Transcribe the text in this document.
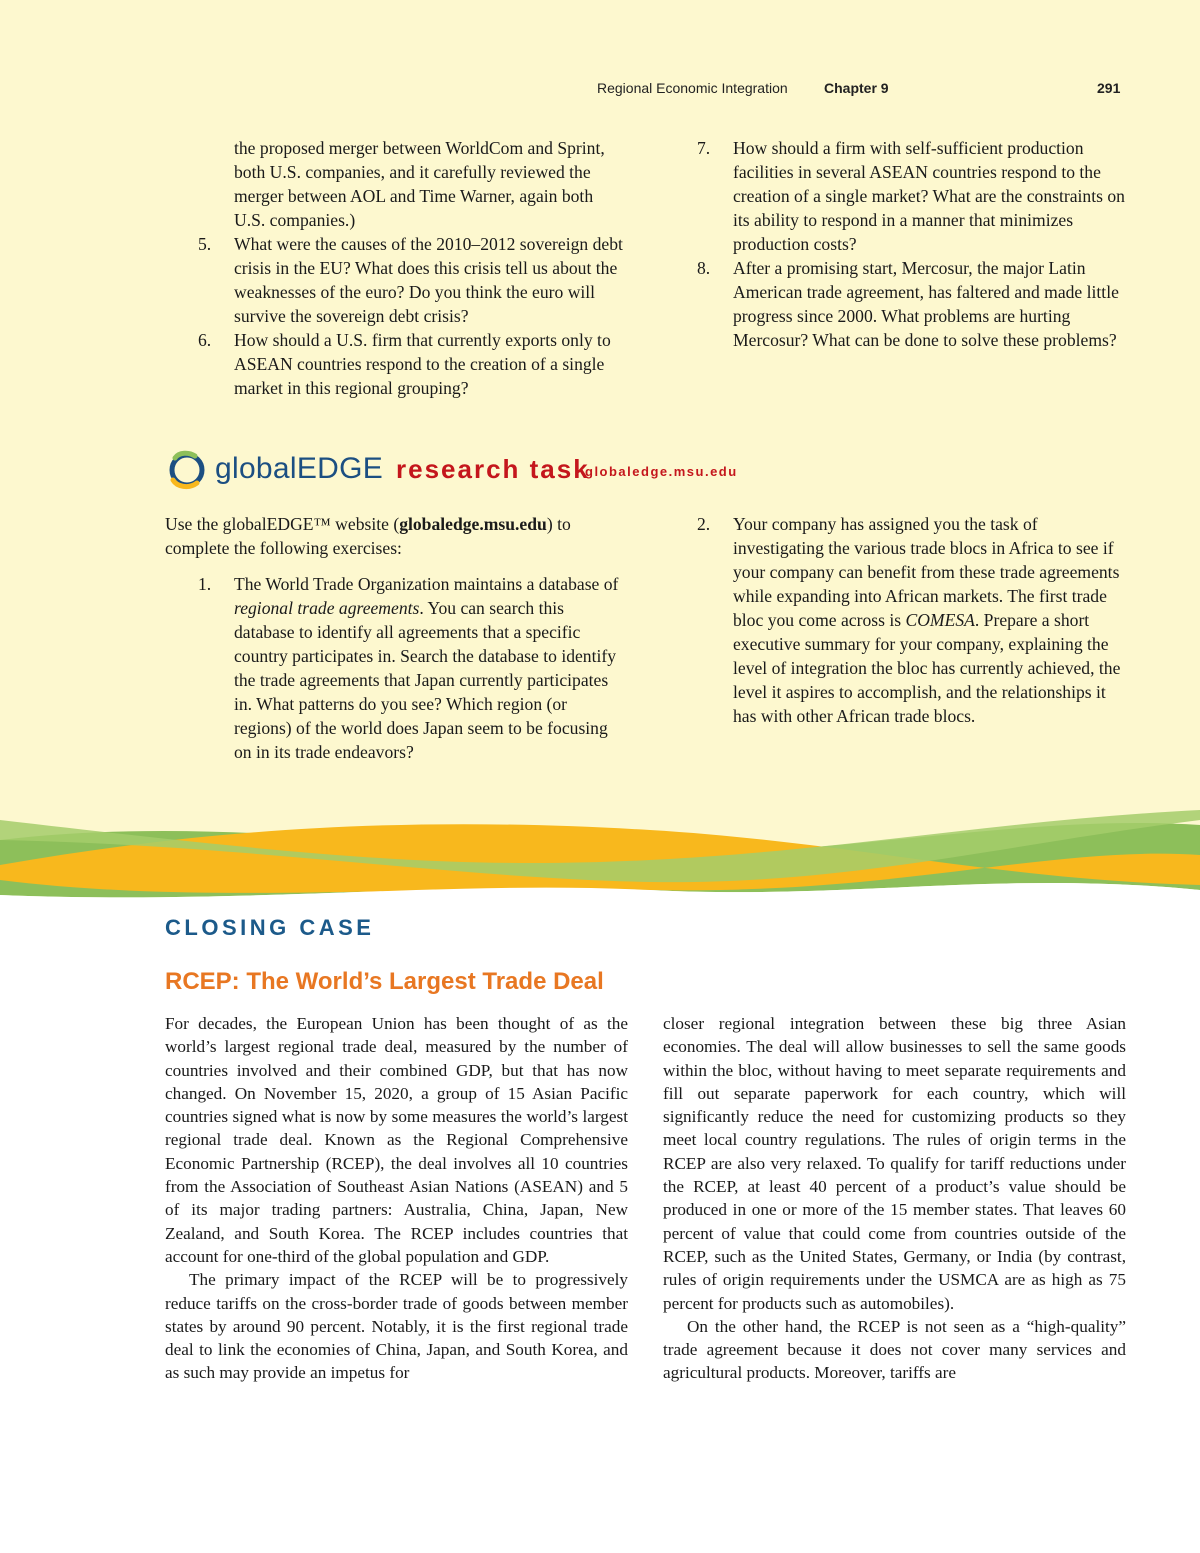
Regional Economic Integration	Chapter 9	291

the proposed merger between WorldCom and Sprint, both U.S. companies, and it carefully reviewed the merger between AOL and Time Warner, again both U.S. companies.)

5. What were the causes of the 2010–2012 sovereign debt crisis in the EU? What does this crisis tell us about the weaknesses of the euro? Do you think the euro will survive the sovereign debt crisis?

6. How should a U.S. firm that currently exports only to ASEAN countries respond to the creation of a single market in this regional grouping?

7. How should a firm with self-sufficient production facilities in several ASEAN countries respond to the creation of a single market? What are the constraints on its ability to respond in a manner that minimizes production costs?

8. After a promising start, Mercosur, the major Latin American trade agreement, has faltered and made little progress since 2000. What problems are hurting Mercosur? What can be done to solve these problems?

globalEDGE research task
globaledge.msu.edu

Use the globalEDGE™ website (globaledge.msu.edu) to complete the following exercises:

1. The World Trade Organization maintains a database of regional trade agreements. You can search this database to identify all agreements that a specific country participates in. Search the database to identify the trade agreements that Japan currently participates in. What patterns do you see? Which region (or regions) of the world does Japan seem to be focusing on in its trade endeavors?

2. Your company has assigned you the task of investigating the various trade blocs in Africa to see if your company can benefit from these trade agreements while expanding into African markets. The first trade bloc you come across is COMESA. Prepare a short executive summary for your company, explaining the level of integration the bloc has currently achieved, the level it aspires to accomplish, and the relationships it has with other African trade blocs.

CLOSING CASE
RCEP: The World’s Largest Trade Deal

For decades, the European Union has been thought of as the world’s largest regional trade deal, measured by the number of countries involved and their combined GDP, but that has now changed. On November 15, 2020, a group of 15 Asian Pacific countries signed what is now by some measures the world’s largest regional trade deal. Known as the Regional Comprehensive Economic Partnership (RCEP), the deal involves all 10 countries from the Association of Southeast Asian Nations (ASEAN) and 5 of its major trading partners: Australia, China, Japan, New Zealand, and South Korea. The RCEP includes countries that account for one-third of the global population and GDP.

The primary impact of the RCEP will be to progressively reduce tariffs on the cross-border trade of goods between member states by around 90 percent. Notably, it is the first regional trade deal to link the economies of China, Japan, and South Korea, and as such may provide an impetus for

closer regional integration between these big three Asian economies. The deal will allow businesses to sell the same goods within the bloc, without having to meet separate requirements and fill out separate paperwork for each country, which will significantly reduce the need for customizing products so they meet local country regulations. The rules of origin terms in the RCEP are also very relaxed. To qualify for tariff reductions under the RCEP, at least 40 percent of a product’s value should be produced in one or more of the 15 member states. That leaves 60 percent of value that could come from countries outside of the RCEP, such as the United States, Germany, or India (by contrast, rules of origin requirements under the USMCA are as high as 75 percent for products such as automobiles).

On the other hand, the RCEP is not seen as a “high-quality” trade agreement because it does not cover many services and agricultural products. Moreover, tariffs are
